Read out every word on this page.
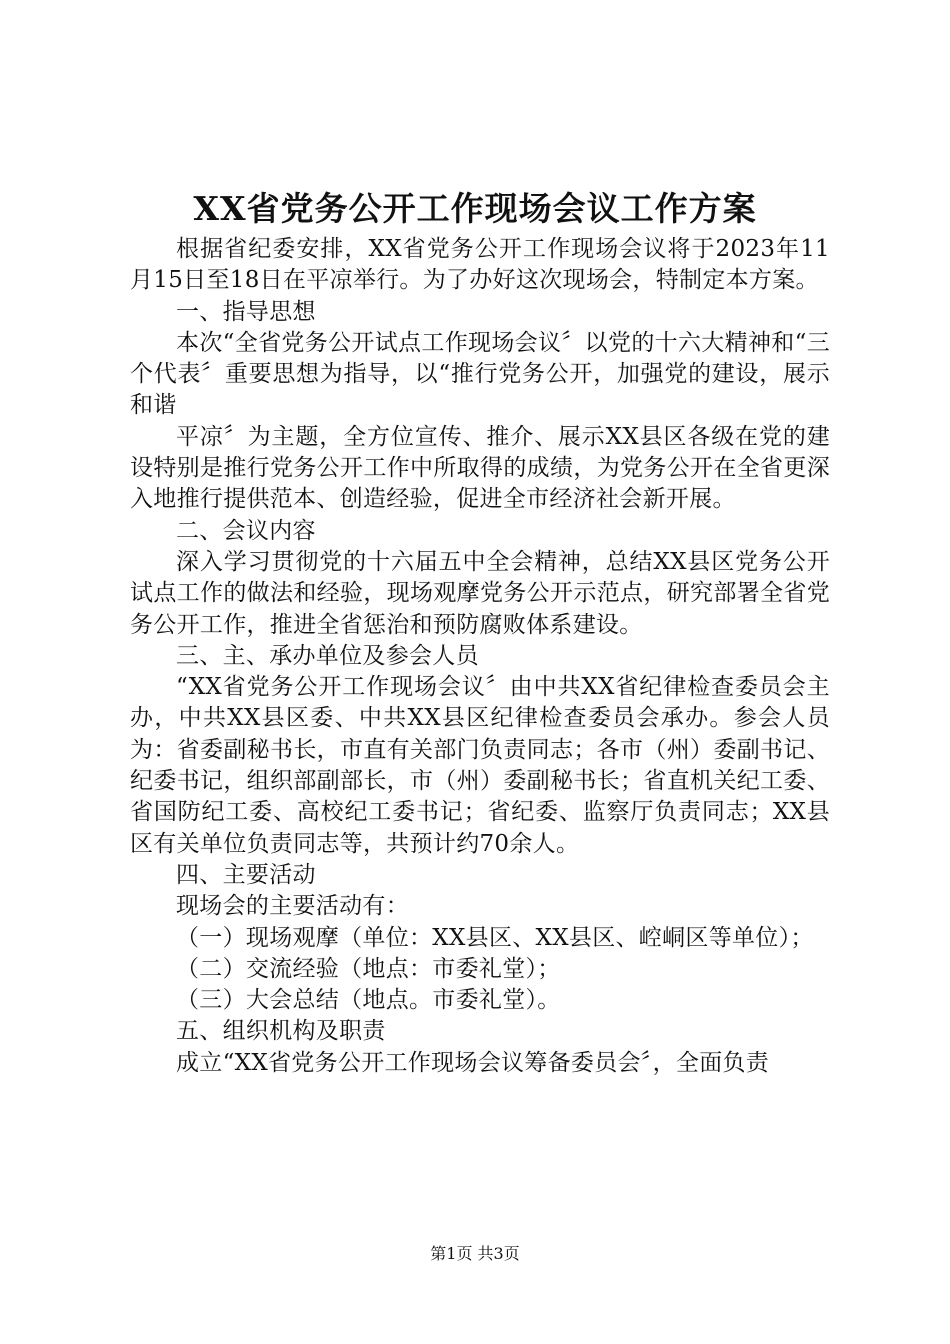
XX省党务公开工作现场会议工作方案

根据省纪委安排，XX省党务公开工作现场会议将于2023年11月15日至18日在平凉举行。为了办好这次现场会，特制定本方案。

一、指导思想

本次“全省党务公开试点工作现场会议〞以党的十六大精神和“三个代表〞重要思想为指导，以“推行党务公开，加强党的建设，展示和谐

平凉〞为主题，全方位宣传、推介、展示XX县区各级在党的建设特别是推行党务公开工作中所取得的成绩，为党务公开在全省更深入地推行提供范本、创造经验，促进全市经济社会新开展。

二、会议内容

深入学习贯彻党的十六届五中全会精神，总结XX县区党务公开试点工作的做法和经验，现场观摩党务公开示范点，研究部署全省党务公开工作，推进全省惩治和预防腐败体系建设。

三、主、承办单位及参会人员

“XX省党务公开工作现场会议〞由中共XX省纪律检查委员会主办，中共XX县区委、中共XX县区纪律检查委员会承办。参会人员为：省委副秘书长，市直有关部门负责同志；各市（州）委副书记、纪委书记，组织部副部长，市（州）委副秘书长；省直机关纪工委、省国防纪工委、高校纪工委书记；省纪委、监察厅负责同志；XX县区有关单位负责同志等，共预计约70余人。

四、主要活动

现场会的主要活动有：

（一）现场观摩（单位：XX县区、XX县区、崆峒区等单位）；

（二）交流经验（地点：市委礼堂）；

（三）大会总结（地点。市委礼堂）。

五、组织机构及职责

成立“XX省党务公开工作现场会议筹备委员会〞，全面负责

第1页 共3页
